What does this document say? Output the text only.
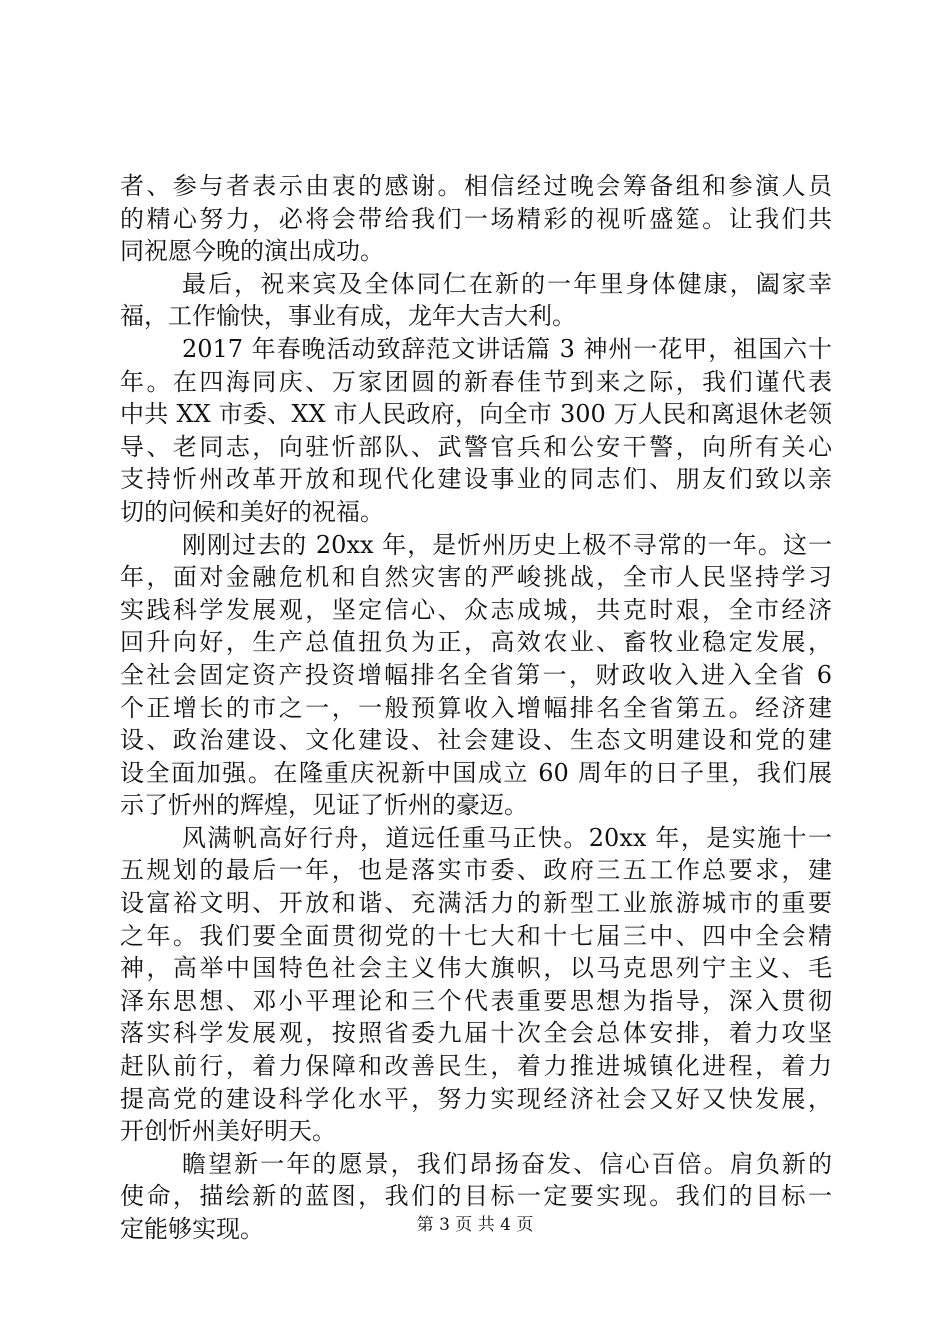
者、参与者表示由衷的感谢。相信经过晚会筹备组和参演人员
的精心努力，必将会带给我们一场精彩的视听盛筵。让我们共
同祝愿今晚的演出成功。
最后，祝来宾及全体同仁在新的一年里身体健康，阖家幸
福，工作愉快，事业有成，龙年大吉大利。
2017 年春晚活动致辞范文讲话篇 3 神州一花甲，祖国六十
年。在四海同庆、万家团圆的新春佳节到来之际，我们谨代表
中共 XX 市委、XX 市人民政府，向全市 300 万人民和离退休老领
导、老同志，向驻忻部队、武警官兵和公安干警，向所有关心
支持忻州改革开放和现代化建设事业的同志们、朋友们致以亲
切的问候和美好的祝福。
刚刚过去的 20xx 年，是忻州历史上极不寻常的一年。这一
年，面对金融危机和自然灾害的严峻挑战，全市人民坚持学习
实践科学发展观，坚定信心、众志成城，共克时艰，全市经济
回升向好，生产总值扭负为正，高效农业、畜牧业稳定发展，
全社会固定资产投资增幅排名全省第一，财政收入进入全省 6
个正增长的市之一，一般预算收入增幅排名全省第五。经济建
设、政治建设、文化建设、社会建设、生态文明建设和党的建
设全面加强。在隆重庆祝新中国成立 60 周年的日子里，我们展
示了忻州的辉煌，见证了忻州的豪迈。
风满帆高好行舟，道远任重马正快。20xx 年，是实施十一
五规划的最后一年，也是落实市委、政府三五工作总要求，建
设富裕文明、开放和谐、充满活力的新型工业旅游城市的重要
之年。我们要全面贯彻党的十七大和十七届三中、四中全会精
神，高举中国特色社会主义伟大旗帜，以马克思列宁主义、毛
泽东思想、邓小平理论和三个代表重要思想为指导，深入贯彻
落实科学发展观，按照省委九届十次全会总体安排，着力攻坚
赶队前行，着力保障和改善民生，着力推进城镇化进程，着力
提高党的建设科学化水平，努力实现经济社会又好又快发展，
开创忻州美好明天。
瞻望新一年的愿景，我们昂扬奋发、信心百倍。肩负新的
使命，描绘新的蓝图，我们的目标一定要实现。我们的目标一
定能够实现。	第 3 页 共 4 页
